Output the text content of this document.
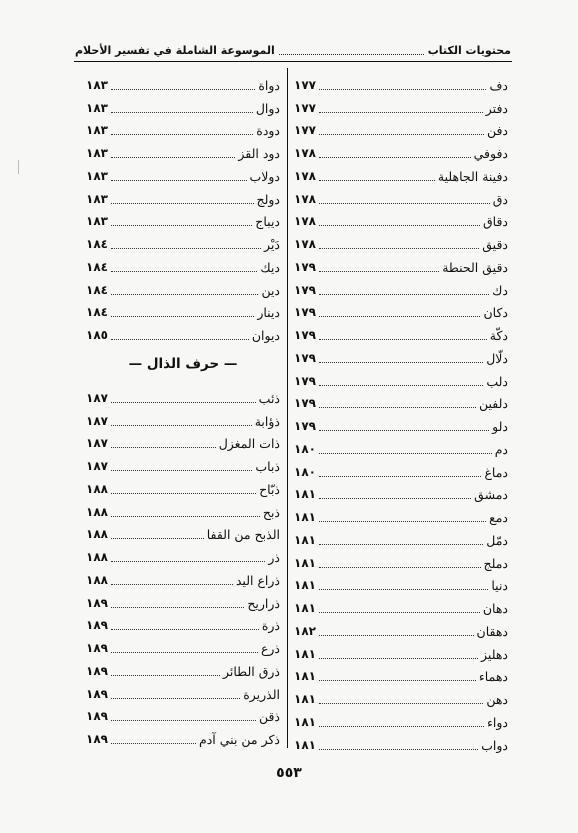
محتويات الكتاب
الموسوعة الشاملة في تفسير الأحلام
دف
١٧٧
دفتر
١٧٧
دفن
١٧٧
دفوفي
١٧٨
دفينة الجاهلية
١٧٨
دق
١٧٨
دقاق
١٧٨
دقيق
١٧٨
دقيق الحنطة
١٧٩
دك
١٧٩
دكان
١٧٩
دكّة
١٧٩
دلّال
١٧٩
دلب
١٧٩
دلفين
١٧٩
دلو
١٧٩
دم
١٨٠
دماغ
١٨٠
دمشق
١٨١
دمع
١٨١
دمّل
١٨١
دملج
١٨١
دنيا
١٨١
دهان
١٨١
دهقان
١٨٢
دهليز
١٨١
دهماء
١٨١
دهن
١٨١
دواء
١٨١
دواب
١٨١
دواة
١٨٣
دوال
١٨٣
دودة
١٨٣
دود القز
١٨٣
دولاب
١٨٣
دولج
١٨٣
ديباج
١٨٣
دَيْر
١٨٤
ديك
١٨٤
دين
١٨٤
دينار
١٨٤
ديوان
١٨٥
— حرف الذال —
ذئب
١٨٧
ذؤابة
١٨٧
ذات المغزل
١٨٧
ذباب
١٨٧
ذبّاح
١٨٨
ذبح
١٨٨
الذبح من القفا
١٨٨
ذر
١٨٨
ذراع اليد
١٨٨
ذراريح
١٨٩
ذرة
١٨٩
ذرع
١٨٩
ذرق الطائر
١٨٩
الذريرة
١٨٩
ذقن
١٨٩
ذكر من بني آدم
١٨٩
٥٥٣
